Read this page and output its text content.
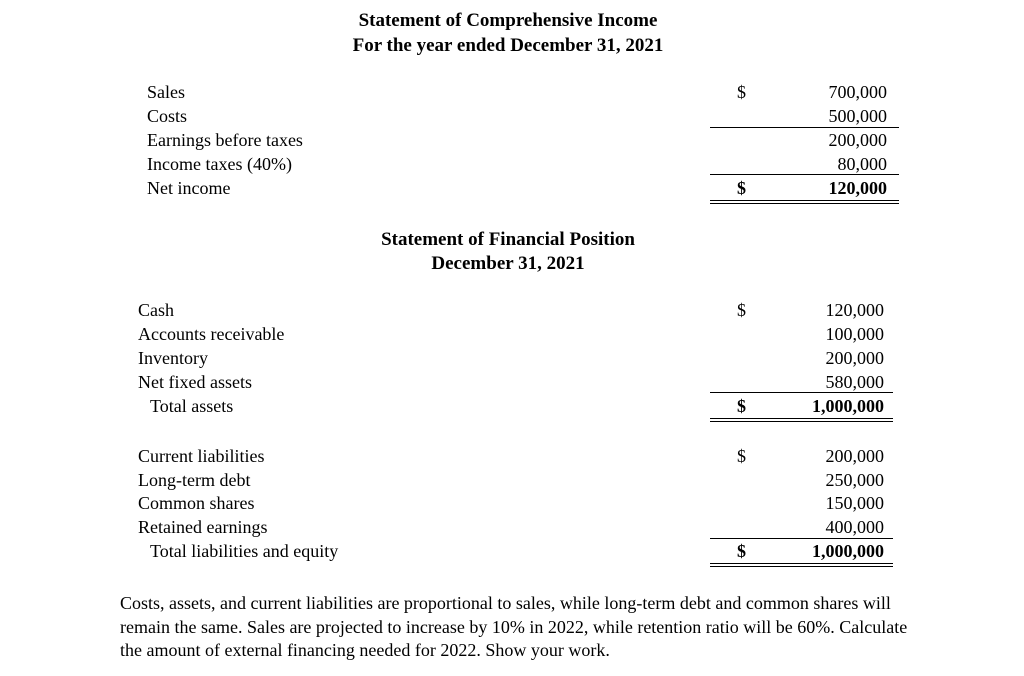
Statement of Comprehensive Income
For the year ended December 31, 2021
Sales
Costs
Earnings before taxes
Income taxes (40%)
Net income
$
$
700,000
500,000
200,000
80,000
120,000
Statement of Financial Position
December 31, 2021
Cash
Accounts receivable
Inventory
Net fixed assets
Total assets
$
$
120,000
100,000
200,000
580,000
1,000,000
Current liabilities
Long-term debt
Common shares
Retained earnings
Total liabilities and equity
$
$
200,000
250,000
150,000
400,000
1,000,000
Costs, assets, and current liabilities are proportional to sales, while long-term debt and common shares will remain the same. Sales are projected to increase by 10% in 2022, while retention ratio will be 60%. Calculate the amount of external financing needed for 2022. Show your work.
